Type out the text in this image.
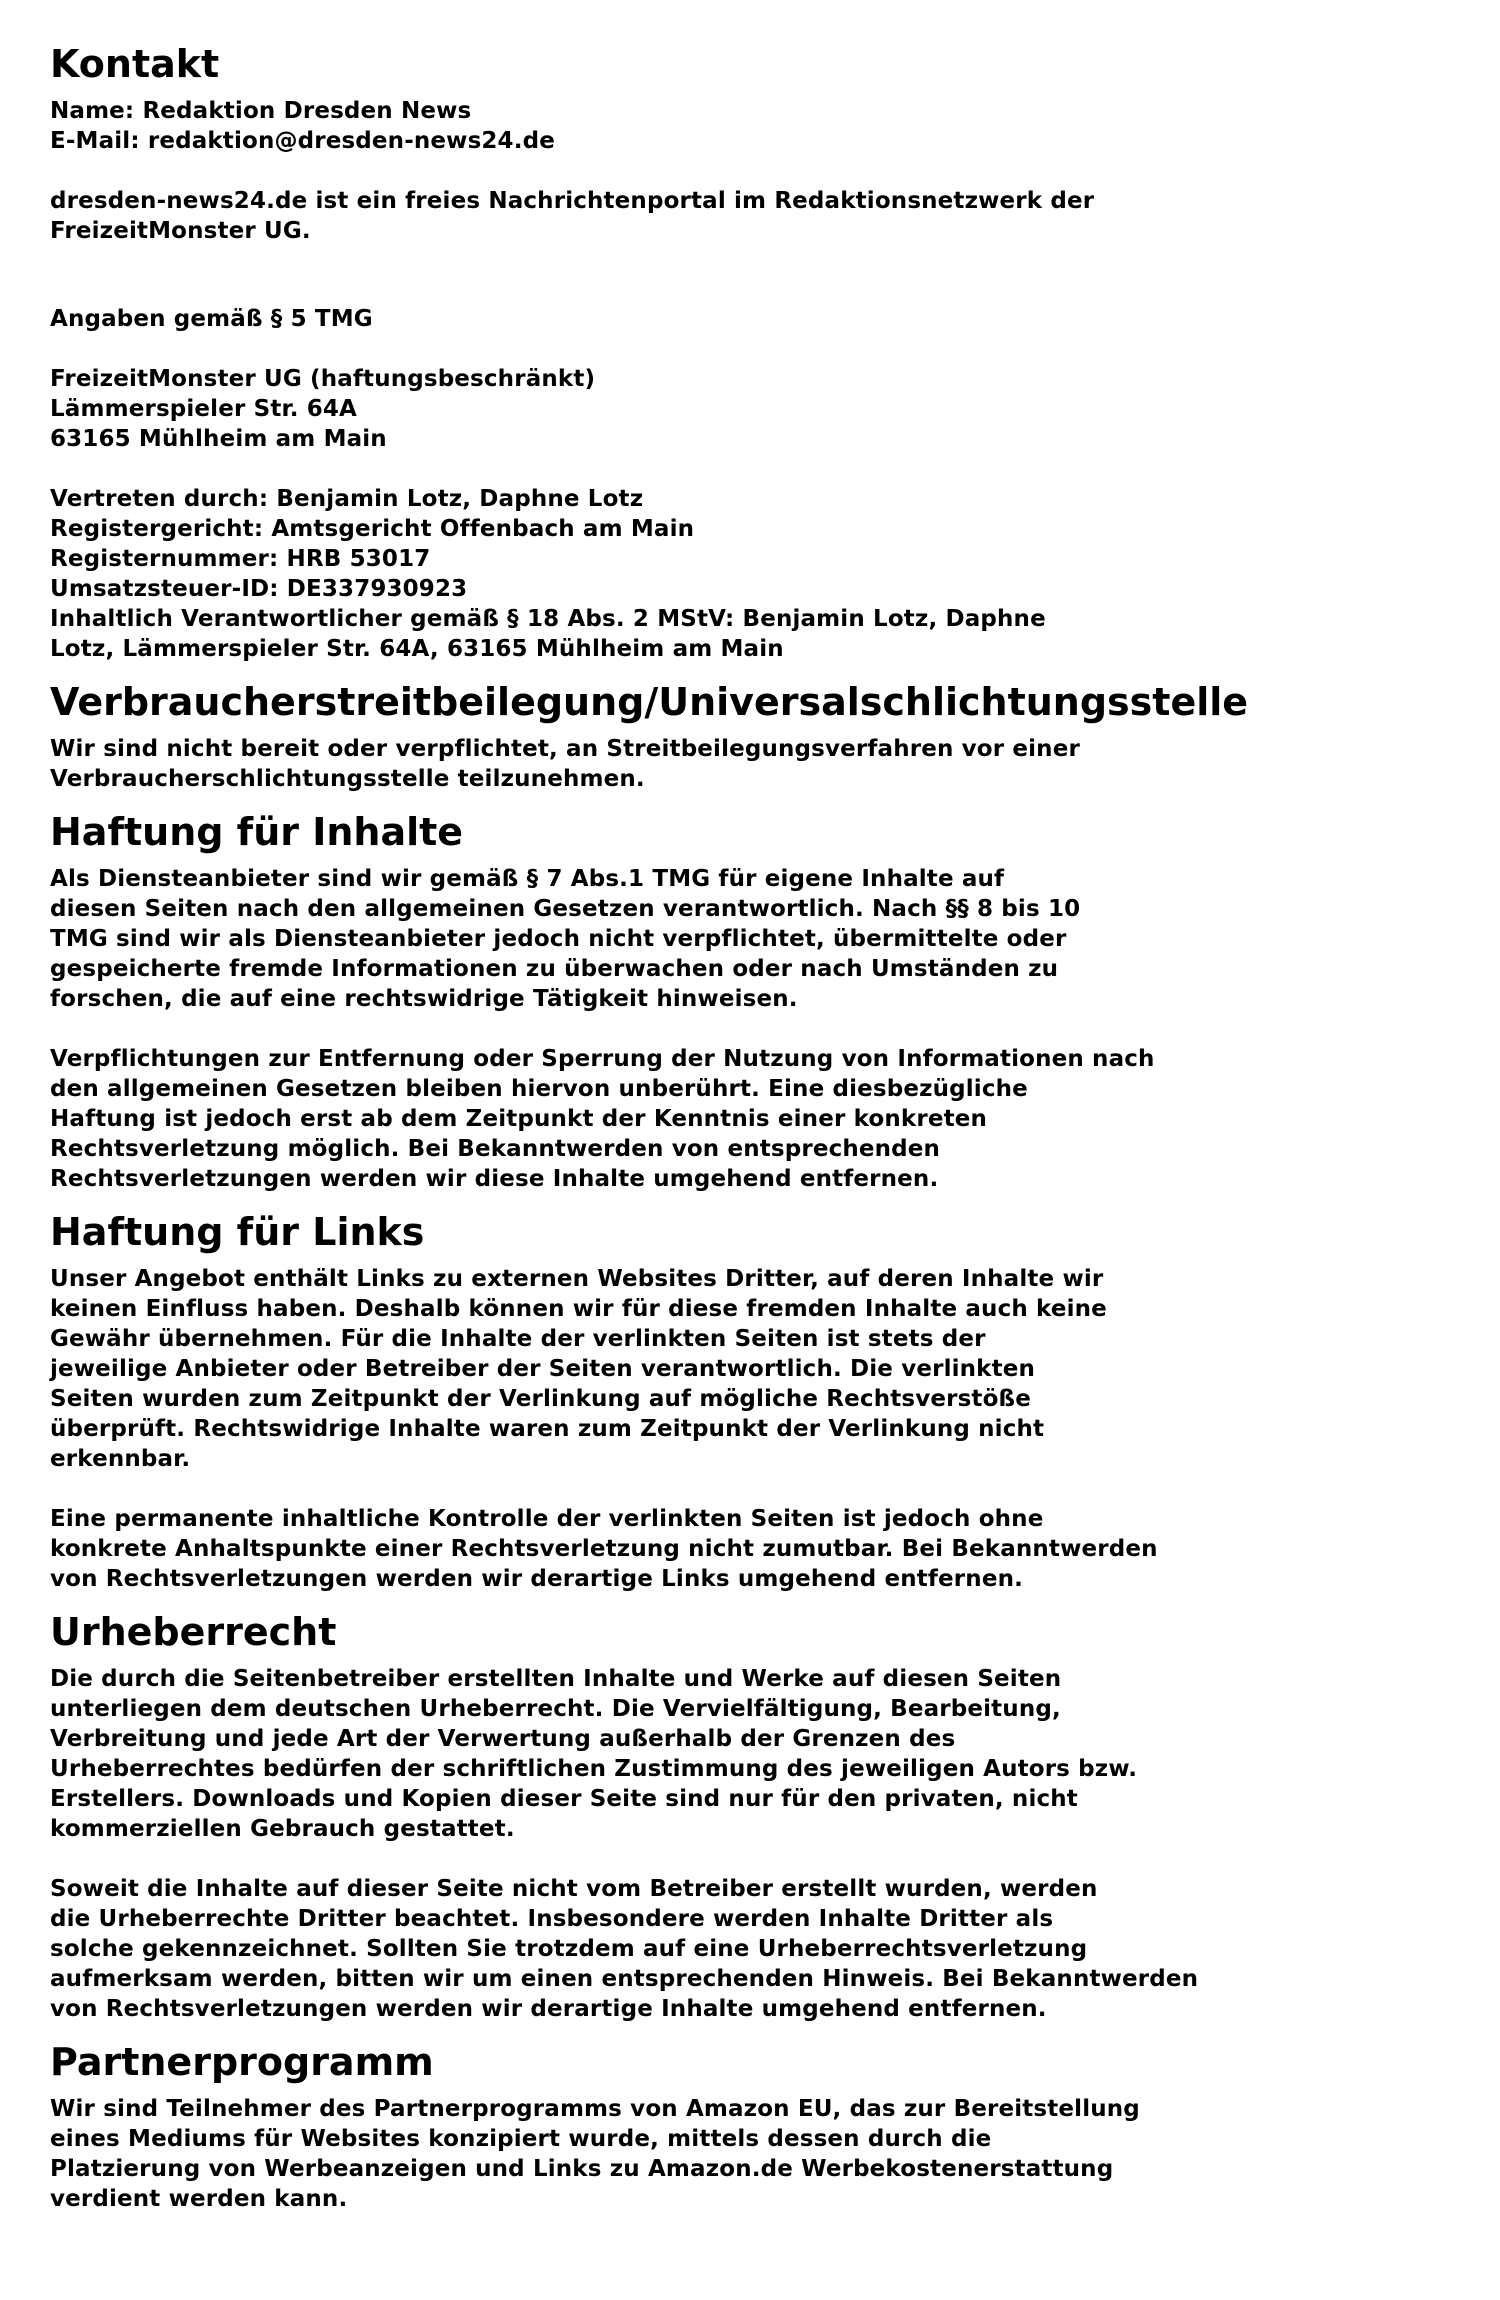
Kontakt
Name: Redaktion Dresden News
E-Mail: redaktion@dresden-news24.de
dresden-news24.de ist ein freies Nachrichtenportal im Redaktionsnetzwerk der
FreizeitMonster UG.
Angaben gemäß § 5 TMG
FreizeitMonster UG (haftungsbeschränkt)
Lämmerspieler Str. 64A
63165 Mühlheim am Main
Vertreten durch: Benjamin Lotz, Daphne Lotz
Registergericht: Amtsgericht Offenbach am Main
Registernummer: HRB 53017
Umsatzsteuer-ID: DE337930923
Inhaltlich Verantwortlicher gemäß § 18 Abs. 2 MStV: Benjamin Lotz, Daphne
Lotz, Lämmerspieler Str. 64A, 63165 Mühlheim am Main
Verbraucherstreitbeilegung/Universalschlichtungsstelle
Wir sind nicht bereit oder verpflichtet, an Streitbeilegungsverfahren vor einer
Verbraucherschlichtungsstelle teilzunehmen.
Haftung für Inhalte
Als Diensteanbieter sind wir gemäß § 7 Abs.1 TMG für eigene Inhalte auf
diesen Seiten nach den allgemeinen Gesetzen verantwortlich. Nach §§ 8 bis 10
TMG sind wir als Diensteanbieter jedoch nicht verpflichtet, übermittelte oder
gespeicherte fremde Informationen zu überwachen oder nach Umständen zu
forschen, die auf eine rechtswidrige Tätigkeit hinweisen.
Verpflichtungen zur Entfernung oder Sperrung der Nutzung von Informationen nach
den allgemeinen Gesetzen bleiben hiervon unberührt. Eine diesbezügliche
Haftung ist jedoch erst ab dem Zeitpunkt der Kenntnis einer konkreten
Rechtsverletzung möglich. Bei Bekanntwerden von entsprechenden
Rechtsverletzungen werden wir diese Inhalte umgehend entfernen.
Haftung für Links
Unser Angebot enthält Links zu externen Websites Dritter, auf deren Inhalte wir
keinen Einfluss haben. Deshalb können wir für diese fremden Inhalte auch keine
Gewähr übernehmen. Für die Inhalte der verlinkten Seiten ist stets der
jeweilige Anbieter oder Betreiber der Seiten verantwortlich. Die verlinkten
Seiten wurden zum Zeitpunkt der Verlinkung auf mögliche Rechtsverstöße
überprüft. Rechtswidrige Inhalte waren zum Zeitpunkt der Verlinkung nicht
erkennbar.
Eine permanente inhaltliche Kontrolle der verlinkten Seiten ist jedoch ohne
konkrete Anhaltspunkte einer Rechtsverletzung nicht zumutbar. Bei Bekanntwerden
von Rechtsverletzungen werden wir derartige Links umgehend entfernen.
Urheberrecht
Die durch die Seitenbetreiber erstellten Inhalte und Werke auf diesen Seiten
unterliegen dem deutschen Urheberrecht. Die Vervielfältigung, Bearbeitung,
Verbreitung und jede Art der Verwertung außerhalb der Grenzen des
Urheberrechtes bedürfen der schriftlichen Zustimmung des jeweiligen Autors bzw.
Erstellers. Downloads und Kopien dieser Seite sind nur für den privaten, nicht
kommerziellen Gebrauch gestattet.
Soweit die Inhalte auf dieser Seite nicht vom Betreiber erstellt wurden, werden
die Urheberrechte Dritter beachtet. Insbesondere werden Inhalte Dritter als
solche gekennzeichnet. Sollten Sie trotzdem auf eine Urheberrechtsverletzung
aufmerksam werden, bitten wir um einen entsprechenden Hinweis. Bei Bekanntwerden
von Rechtsverletzungen werden wir derartige Inhalte umgehend entfernen.
Partnerprogramm
Wir sind Teilnehmer des Partnerprogramms von Amazon EU, das zur Bereitstellung
eines Mediums für Websites konzipiert wurde, mittels dessen durch die
Platzierung von Werbeanzeigen und Links zu Amazon.de Werbekostenerstattung
verdient werden kann.
